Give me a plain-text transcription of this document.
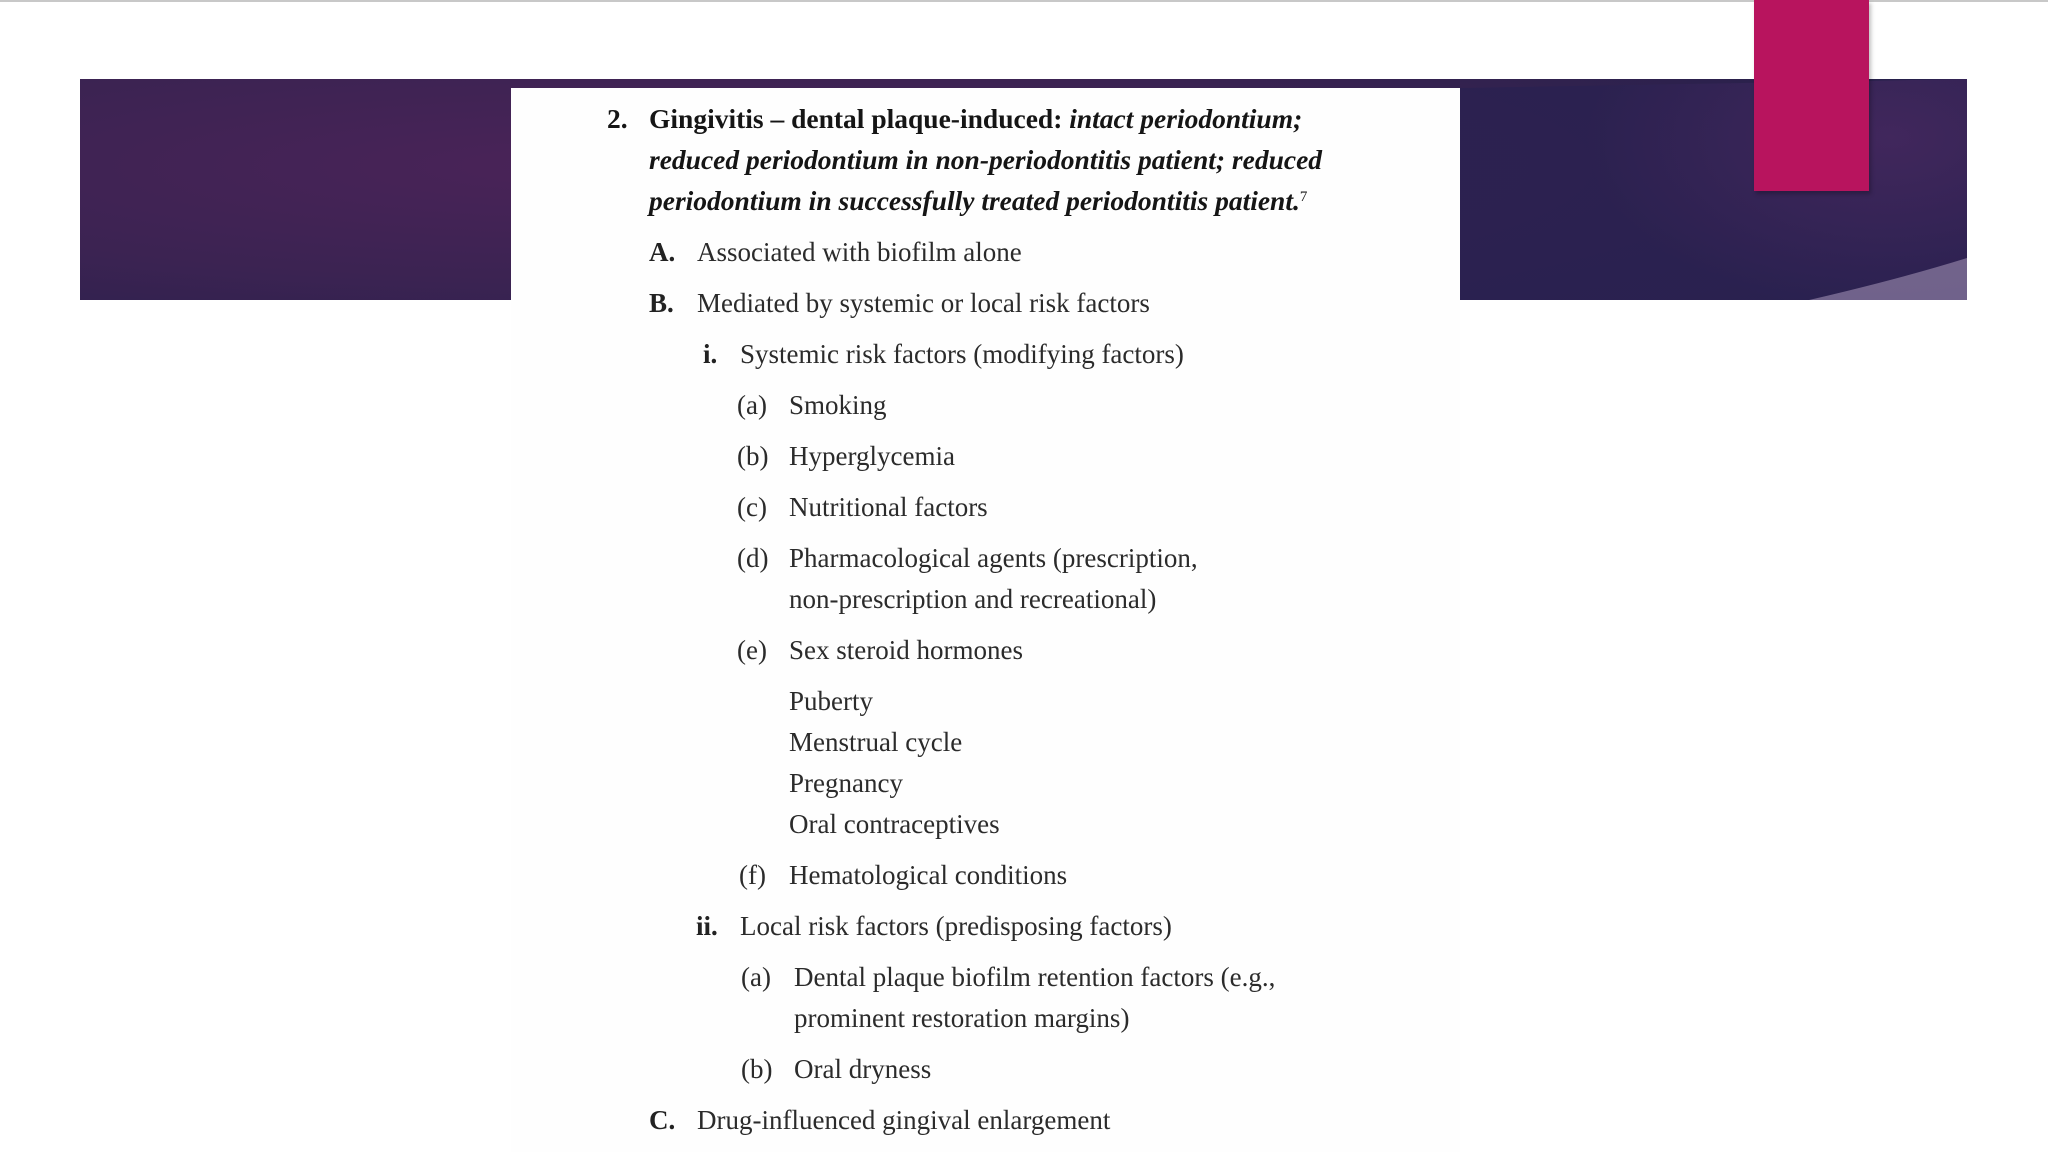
2. Gingivitis – dental plaque-induced: intact periodontium;
reduced periodontium in non-periodontitis patient; reduced
periodontium in successfully treated periodontitis patient.$^7$
A. Associated with biofilm alone
B. Mediated by systemic or local risk factors
i. Systemic risk factors (modifying factors)
(a) Smoking
(b) Hyperglycemia
(c) Nutritional factors
(d) Pharmacological agents (prescription,
non-prescription and recreational)
(e) Sex steroid hormones
Puberty
Menstrual cycle
Pregnancy
Oral contraceptives
(f) Hematological conditions
ii. Local risk factors (predisposing factors)
(a) Dental plaque biofilm retention factors (e.g.,
prominent restoration margins)
(b) Oral dryness
C. Drug-influenced gingival enlargement
